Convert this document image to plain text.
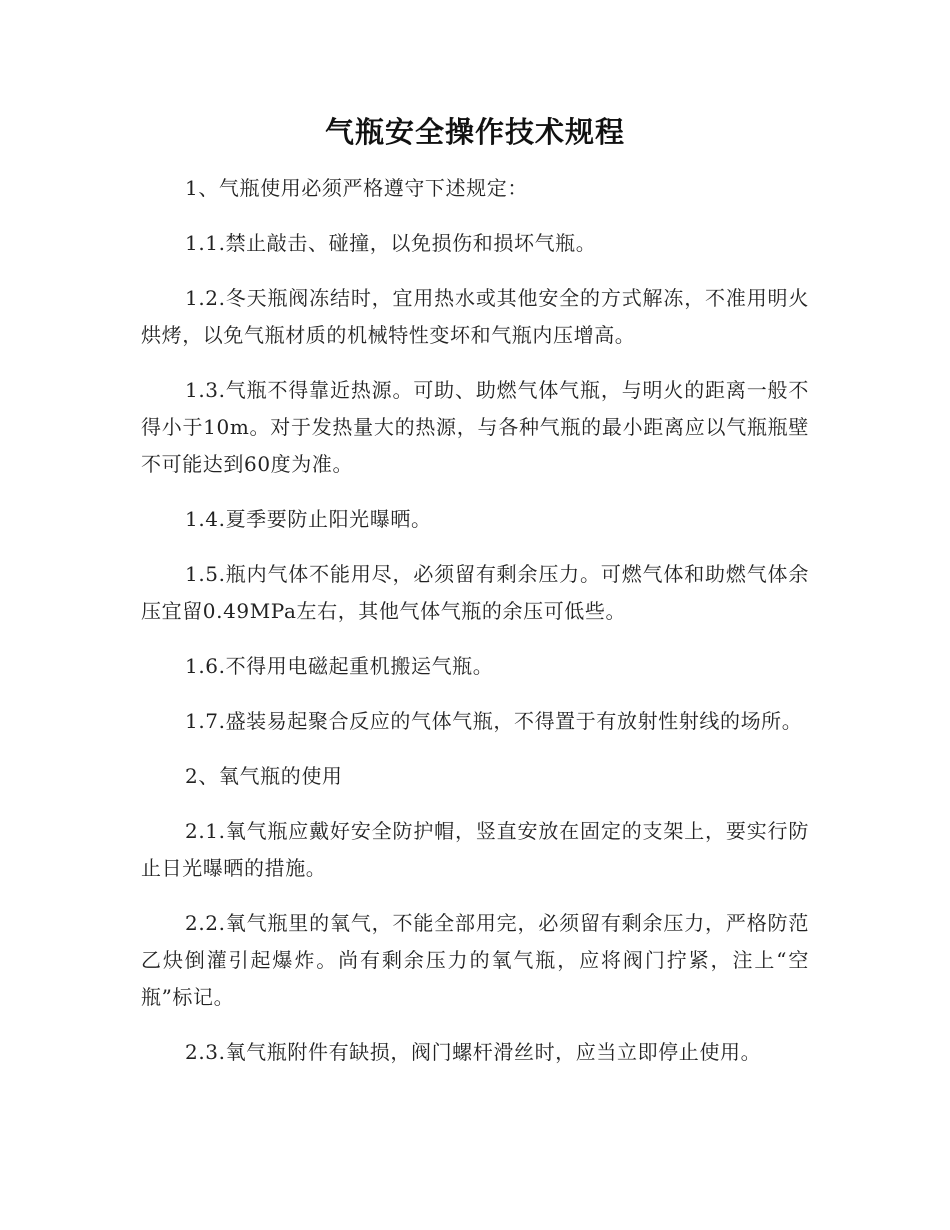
气瓶安全操作技术规程

1、气瓶使用必须严格遵守下述规定：

1.1.禁止敲击、碰撞，以免损伤和损坏气瓶。

1.2.冬天瓶阀冻结时，宜用热水或其他安全的方式解冻，不准用明火烘烤，以免气瓶材质的机械特性变坏和气瓶内压增高。

1.3.气瓶不得靠近热源。可助、助燃气体气瓶，与明火的距离一般不得小于10m。对于发热量大的热源，与各种气瓶的最小距离应以气瓶瓶壁不可能达到60度为准。

1.4.夏季要防止阳光曝晒。

1.5.瓶内气体不能用尽，必须留有剩余压力。可燃气体和助燃气体余压宜留0.49MPa左右，其他气体气瓶的余压可低些。

1.6.不得用电磁起重机搬运气瓶。

1.7.盛装易起聚合反应的气体气瓶，不得置于有放射性射线的场所。

2、氧气瓶的使用

2.1.氧气瓶应戴好安全防护帽，竖直安放在固定的支架上，要实行防止日光曝晒的措施。

2.2.氧气瓶里的氧气，不能全部用完，必须留有剩余压力，严格防范乙炔倒灌引起爆炸。尚有剩余压力的氧气瓶，应将阀门拧紧，注上“空瓶”标记。

2.3.氧气瓶附件有缺损，阀门螺杆滑丝时，应当立即停止使用。
